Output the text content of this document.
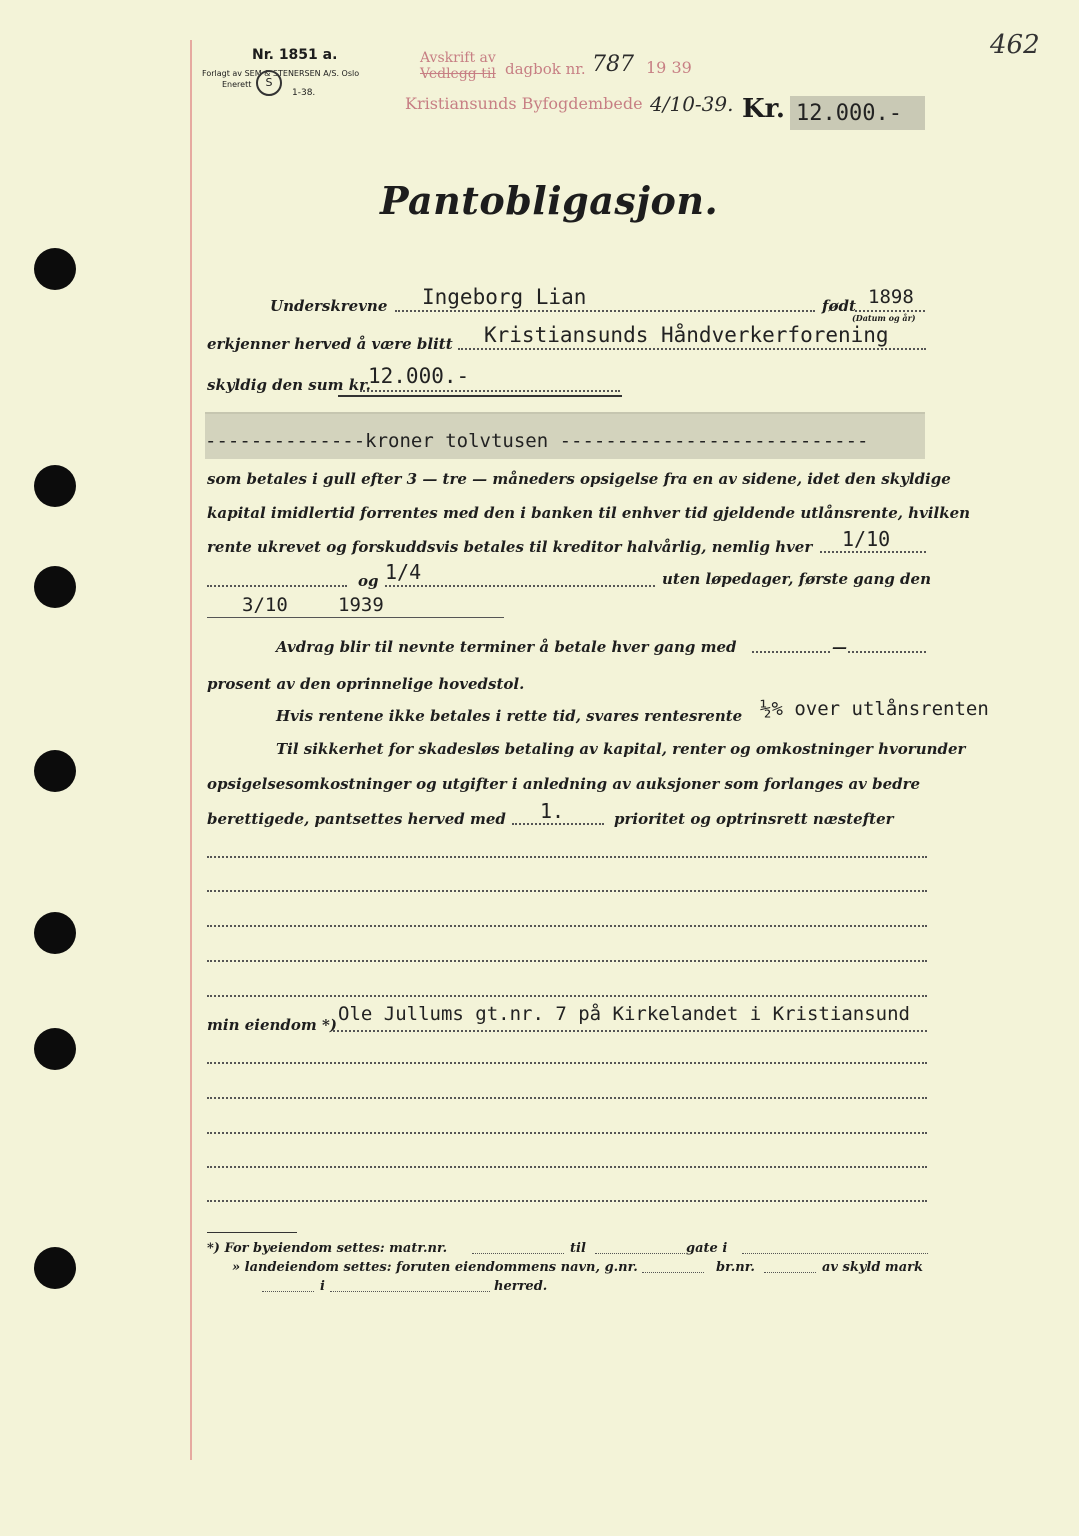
462
Nr. 1851 a.
Forlagt av SEM & STENERSEN A/S. Oslo
Enerett	S
1-38.
Avskrift av
Vedlegg til dagbok nr. 787 19 39
Kristiansunds Byfogdembede 4/10-39. Kr. 12.000.-
Pantobligasjon.
Underskrevne Ingeborg Lian	født 1898
(Datum og år)
erkjenner herved å være blitt Kristiansunds Håndverkerforening
skyldig den sum kr.
12.000.-
--------------kroner tolvtusen ---------------------------
som betales i gull efter 3 — tre — måneders opsigelse fra en av sidene, idet den skyldige
kapital imidlertid forrentes med den i banken til enhver tid gjeldende utlånsrente, hvilken
rente ukrevet og forskuddsvis betales til kreditor halvårlig, nemlig hver 1/10
og 1/4	uten løpedager, første gang den
3/10	1939
Avdrag blir til nevnte terminer å betale hver gang med	—
prosent av den oprinnelige hovedstol.
Hvis rentene ikke betales i rette tid, svares rentesrente ½% over utlånsrenten
Til sikkerhet for skadesløs betaling av kapital, renter og omkostninger hvorunder
opsigelsesomkostninger og utgifter i anledning av auksjoner som forlanges av bedre
berettigede, pantsettes herved med 1.	prioritet og optrinsrett næstefter
min eiendom *) Ole Jullums gt.nr. 7 på Kirkelandet i Kristiansund
*) For byeiendom settes: matr.nr.	til	gate i
» landeiendom settes: foruten eiendommens navn, g.nr.	br.nr.	av skyld mark
i	herred.
